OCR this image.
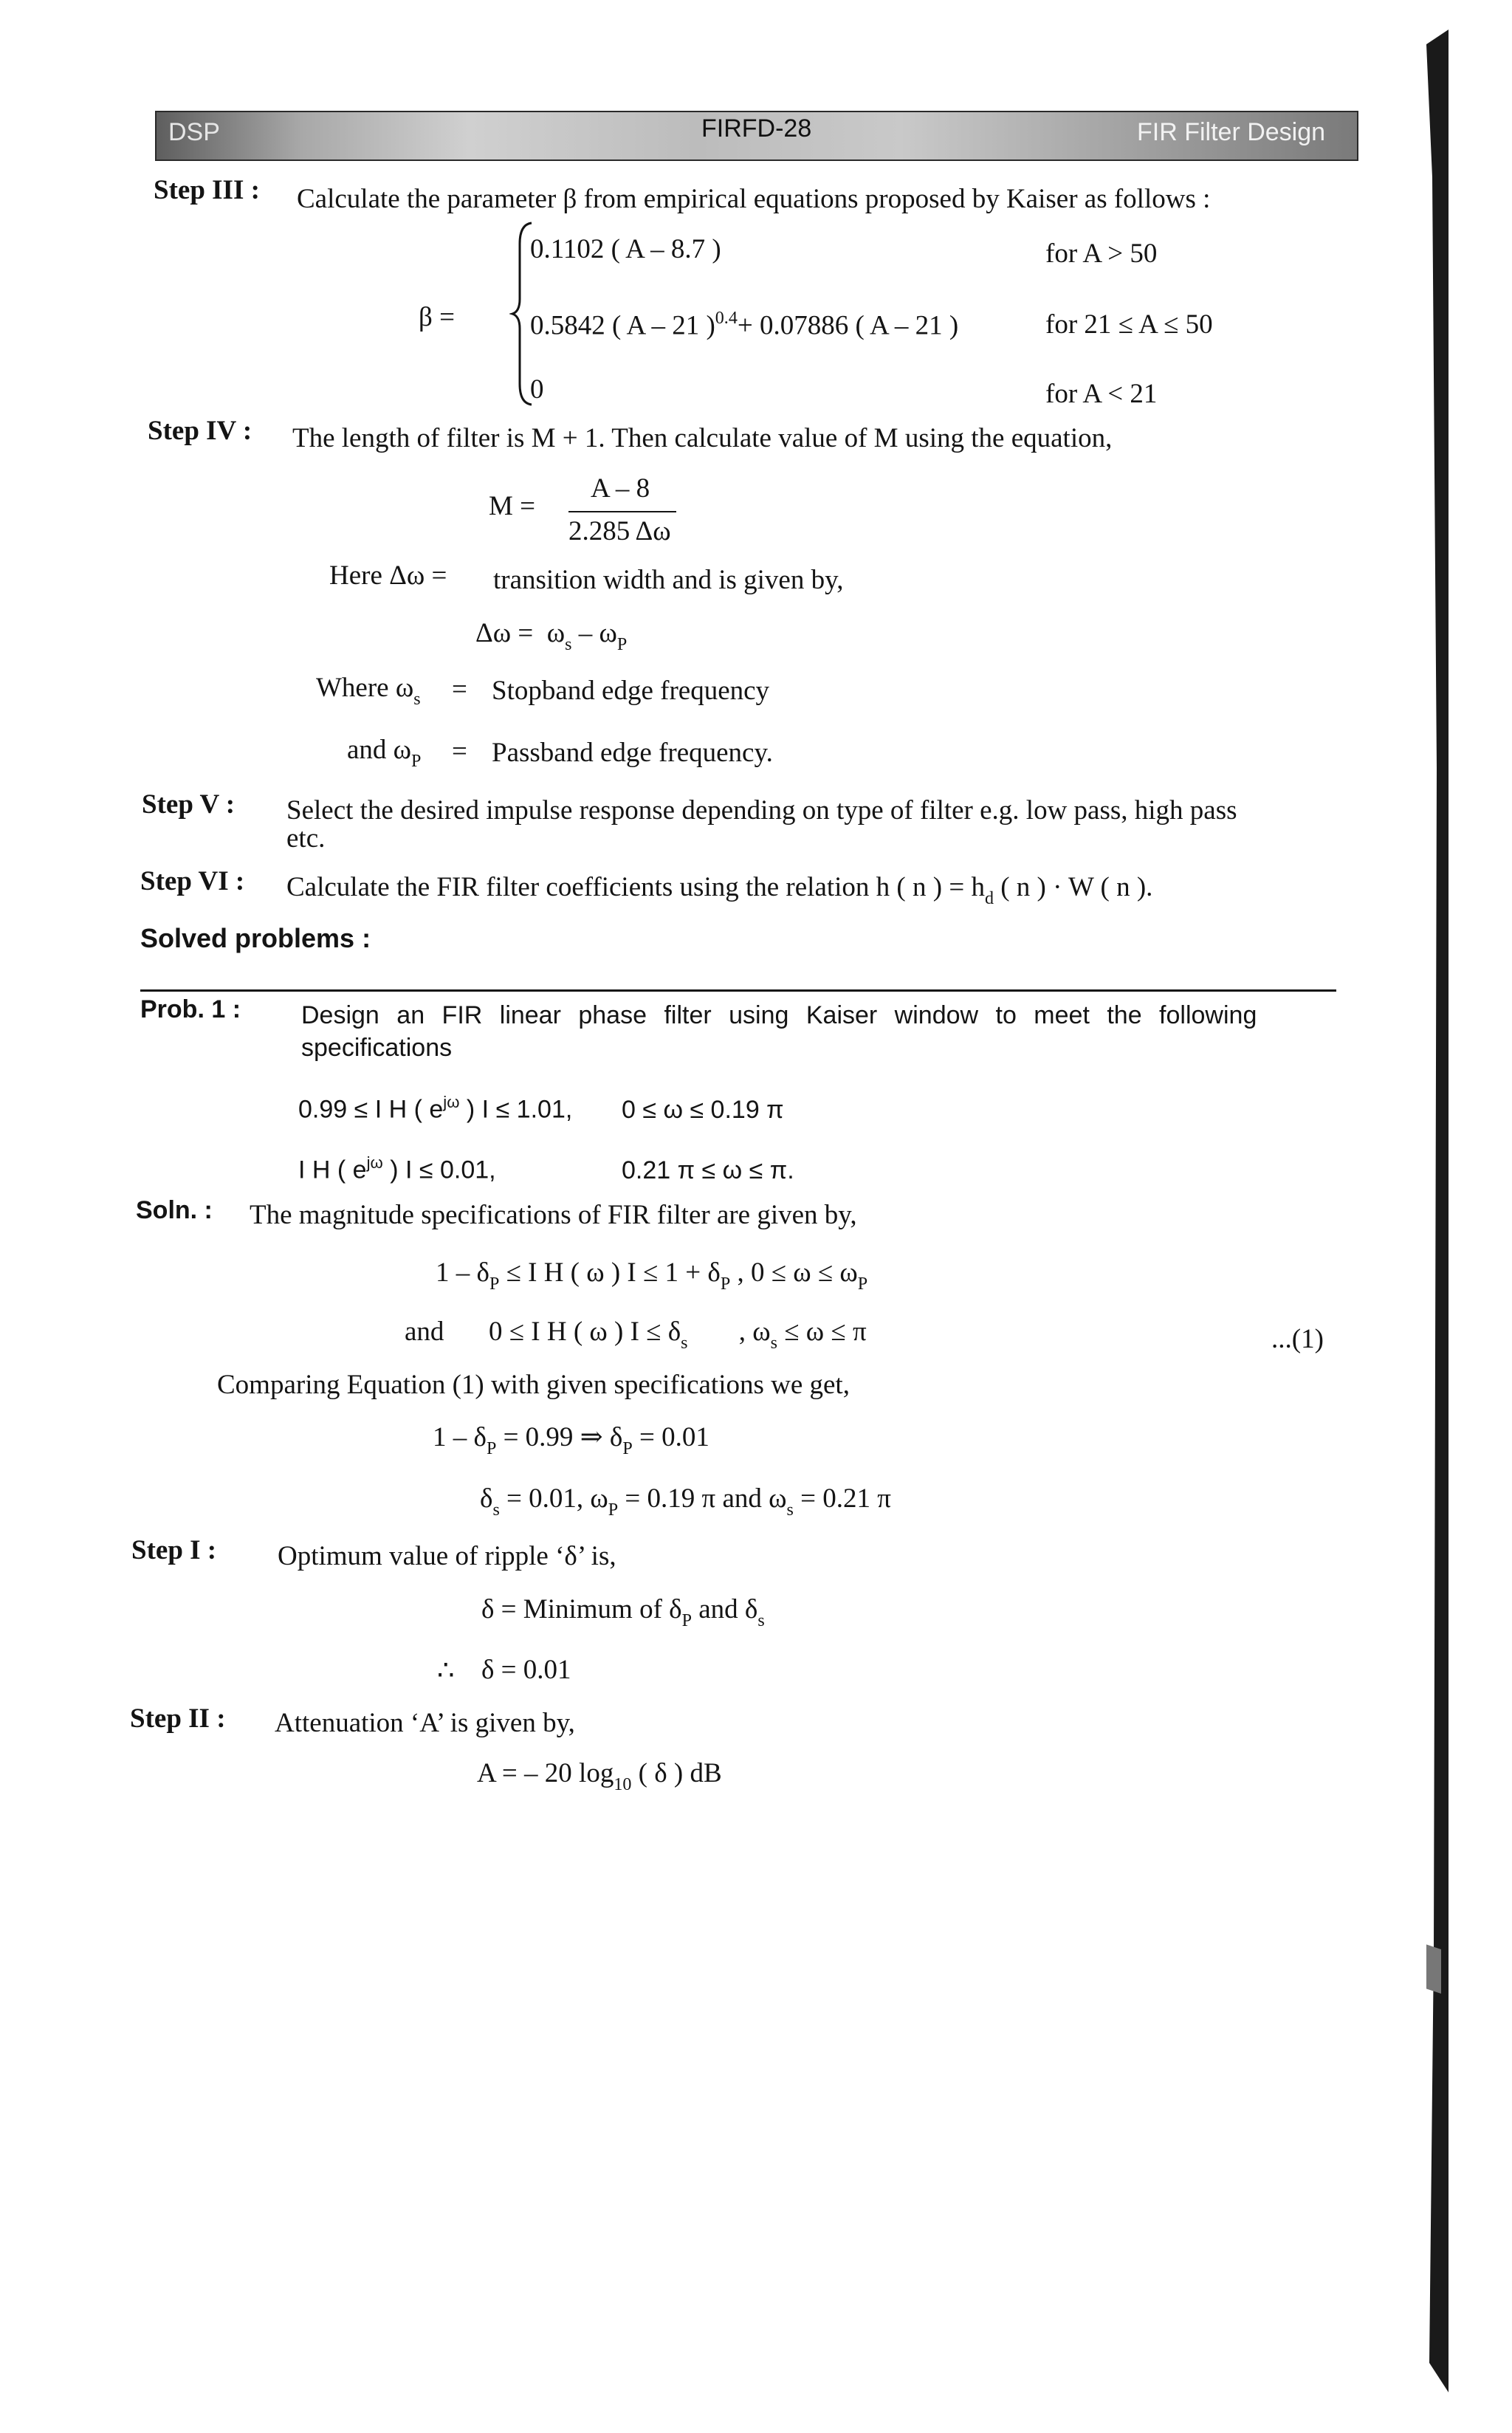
DSP	FIRFD-28	FIR Filter Design
Step III : Calculate the parameter β from empirical equations proposed by Kaiser as follows :
β =
0.1102 ( A – 8.7 )	for A > 50
0.5842 ( A – 21 )$^{0.4}$+ 0.07886 ( A – 21 )	for 21 ≤ A ≤ 50
0	for A < 21
Step IV : The length of filter is M + 1. Then calculate value of M using the equation,
M =
A – 8
2.285 Δω
Here Δω = transition width and is given by,
$\Delta\omega = \omega_s - \omega_P$
Where $\omega_s$ = Stopband edge frequency
and $\omega_P$ = Passband edge frequency.
Step V : Select the desired impulse response depending on type of filter e.g. low pass, high pass
etc.
Step VI : Calculate the FIR filter coefficients using the relation h ( n ) = $h_d$ ( n ) · W ( n ).
Solved problems :
Prob. 1 : Design an FIR linear phase filter using Kaiser window to meet the following
specifications
0.99 ≤ I H ( $e^{j\omega}$ ) I ≤ 1.01, 0 ≤ ω ≤ 0.19 π
I H ( $e^{j\omega}$ ) I ≤ 0.01,	0.21 π ≤ ω ≤ π.
Soln. : The magnitude specifications of FIR filter are given by,
$1 - \delta_P \le I$ H ( ω ) $I \le 1 + \delta_P$ , $0 \le \omega \le \omega_P$
and 0 ≤ I H ( ω ) $I \le \delta_s$ , $\omega_s \le \omega \le \pi$	...(1)
Comparing Equation (1) with given specifications we get,
$1 - \delta_P = 0.99$ ⇒ $\delta_P = 0.01$
$\delta_s = 0.01$, $\omega_P = 0.19$ π and $\omega_s = 0.21$ π
Step I : Optimum value of ripple ‘δ’ is,
δ = Minimum of $\delta_P$ and $\delta_s$
∴ δ = 0.01
Step II : Attenuation ‘A’ is given by,
A = – 20 $\log_{10}$ ( δ ) dB
